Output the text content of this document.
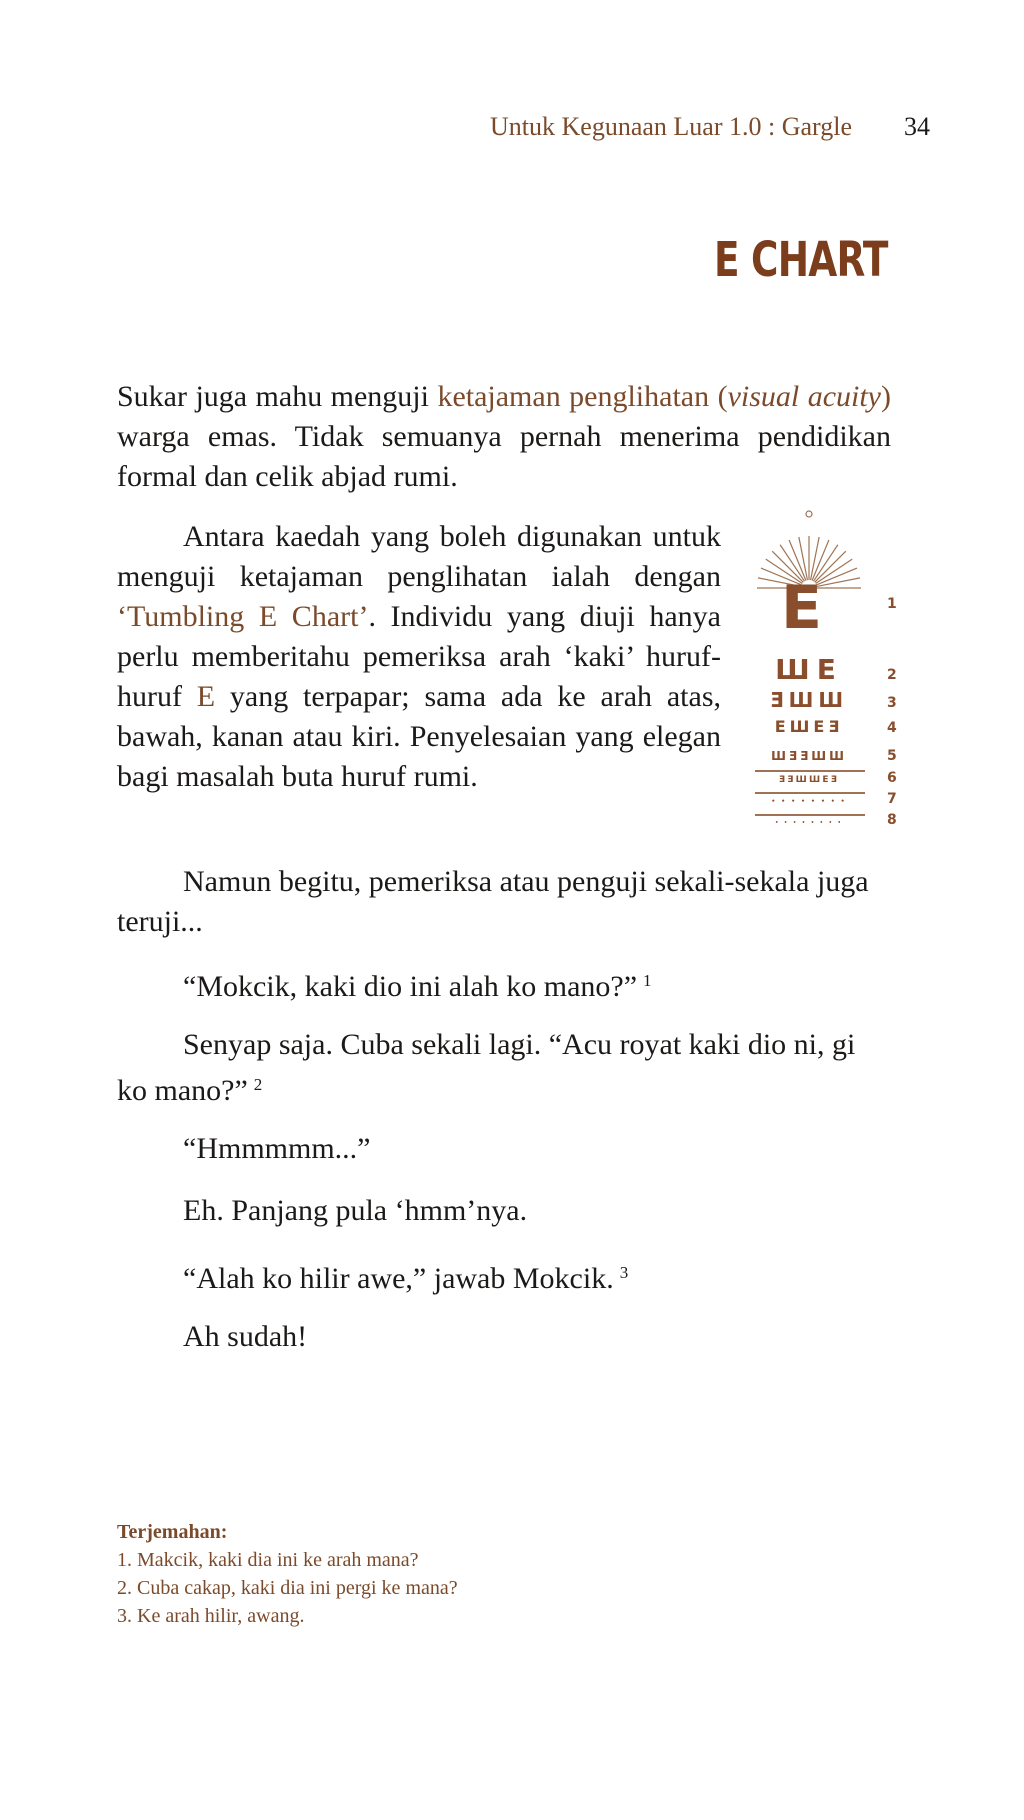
Untuk Kegunaan Luar 1.0 : Gargle 34
E CHART

Sukar juga mahu menguji ketajaman penglihatan (visual acuity) warga emas. Tidak semuanya pernah menerima pendidikan formal dan celik abjad rumi.

Antara kaedah yang boleh digunakan untuk menguji ketajaman penglihatan ialah dengan ‘Tumbling E Chart’. Individu yang diuji hanya perlu memberitahu pemeriksa arah ‘kaki’ huruf-huruf E yang terpapar; sama ada ke arah atas, bawah, kanan atau kiri. Penyelesaian yang elegan bagi masalah buta huruf rumi.

E	1
ШE	2
ƎШШ	3
EШEƎ	4
ШƎƎШШ	5
ƎƎШШEƎ	6
• • • • • • • •	7
• • • • • • • •	8

Namun begitu, pemeriksa atau penguji sekali-sekala juga teruji...

“Mokcik, kaki dio ini alah ko mano?” $^1$

Senyap saja. Cuba sekali lagi. “Acu royat kaki dio ni, gi ko mano?” $^2$

“Hmmmmm...”

Eh. Panjang pula ‘hmm’nya.

“Alah ko hilir awe,” jawab Mokcik. $^3$

Ah sudah!

Terjemahan:
1. Makcik, kaki dia ini ke arah mana?
2. Cuba cakap, kaki dia ini pergi ke mana?
3. Ke arah hilir, awang.
